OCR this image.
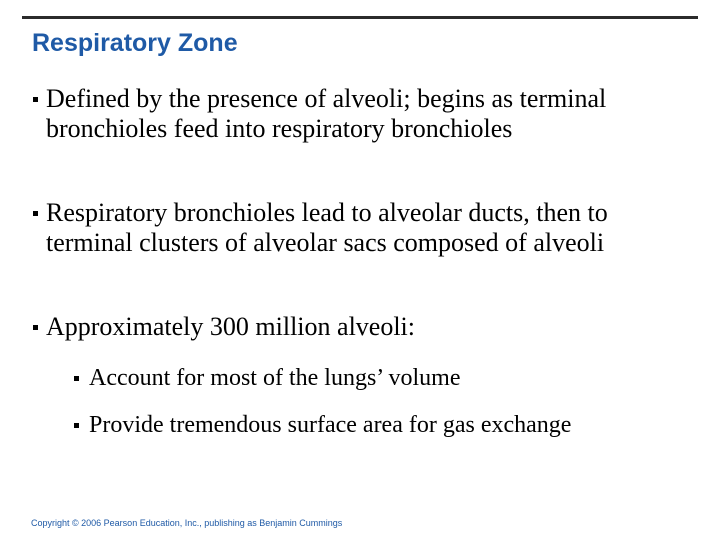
Respiratory Zone
Defined by the presence of alveoli; begins as terminal bronchioles feed into respiratory bronchioles
Respiratory bronchioles lead to alveolar ducts, then to terminal clusters of alveolar sacs composed of alveoli
Approximately 300 million alveoli:
Account for most of the lungs’ volume
Provide tremendous surface area for gas exchange

Copyright © 2006 Pearson Education, Inc., publishing as Benjamin Cummings
